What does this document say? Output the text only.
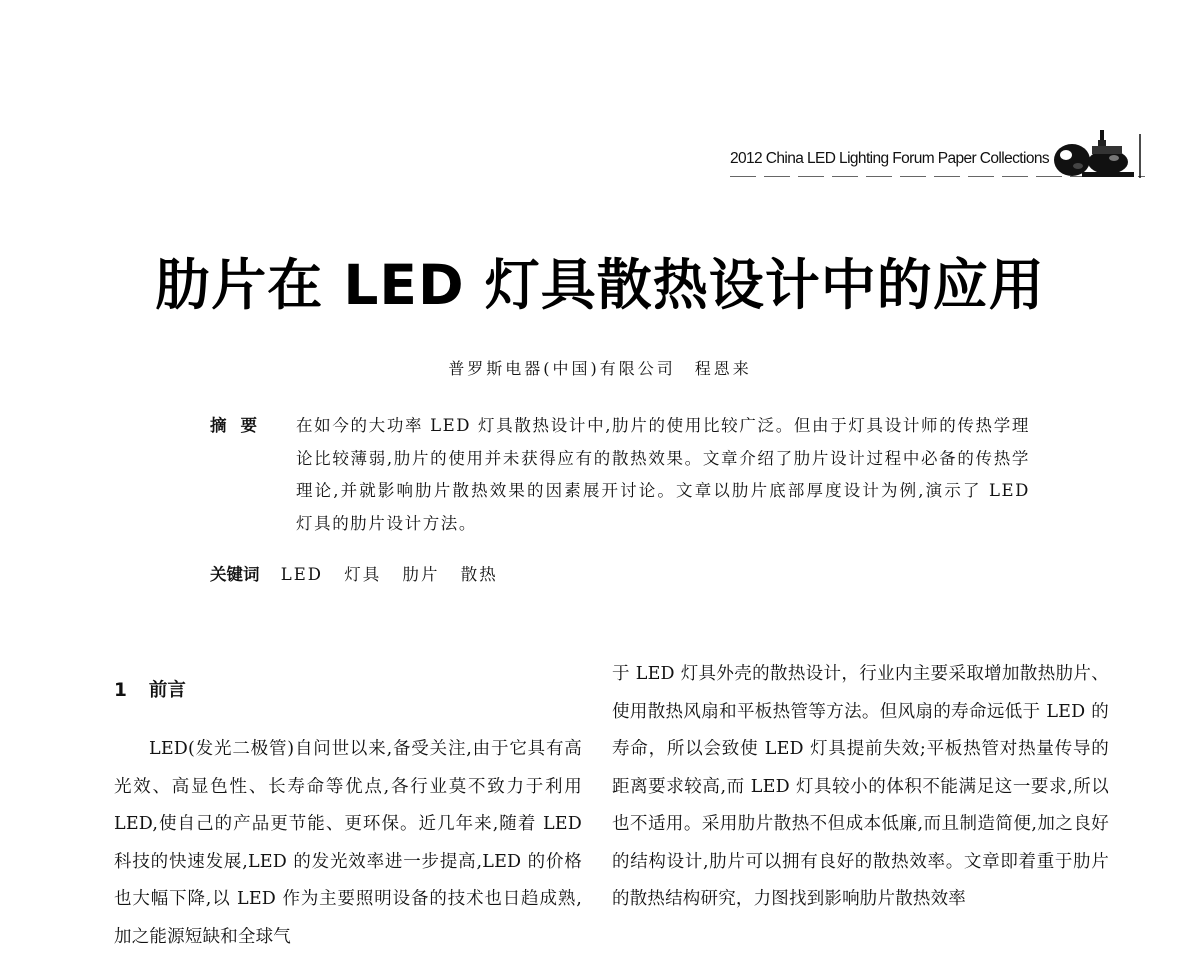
2012 China LED Lighting Forum Paper Collections
肋片在 LED 灯具散热设计中的应用
普罗斯电器(中国)有限公司　程恩来
摘要 在如今的大功率 LED 灯具散热设计中,肋片的使用比较广泛。但由于灯具设计师的传热学理论比较薄弱,肋片的使用并未获得应有的散热效果。文章介绍了肋片设计过程中必备的传热学理论,并就影响肋片散热效果的因素展开讨论。文章以肋片底部厚度设计为例,演示了 LED 灯具的肋片设计方法。
关键词 LED 灯具 肋片 散热
1 前言
LED(发光二极管)自问世以来,备受关注,由于它具有高光效、高显色性、长寿命等优点,各行业莫不致力于利用 LED,使自己的产品更节能、更环保。近几年来,随着 LED 科技的快速发展,LED 的发光效率进一步提高,LED 的价格也大幅下降,以 LED 作为主要照明设备的技术也日趋成熟,加之能源短缺和全球气
于 LED 灯具外壳的散热设计，行业内主要采取增加散热肋片、使用散热风扇和平板热管等方法。但风扇的寿命远低于 LED 的寿命，所以会致使 LED 灯具提前失效;平板热管对热量传导的距离要求较高,而 LED 灯具较小的体积不能满足这一要求,所以也不适用。采用肋片散热不但成本低廉,而且制造简便,加之良好的结构设计,肋片可以拥有良好的散热效率。文章即着重于肋片的散热结构研究，力图找到影响肋片散热效率
